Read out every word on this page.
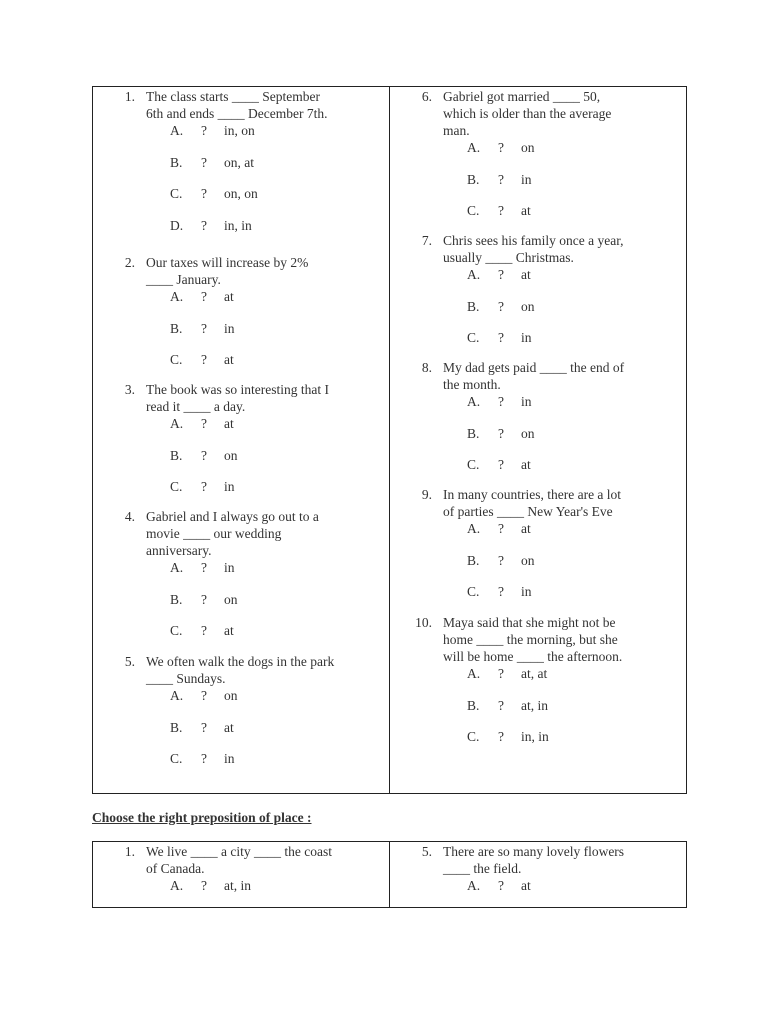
1. The class starts ____ September
6th and ends ____ December 7th.
A. ? in, on
B. ? on, at
C. ? on, on
D. ? in, in
2. Our taxes will increase by 2%
____ January.
A. ? at
B. ? in
C. ? at
3. The book was so interesting that I
read it ____ a day.
A. ? at
B. ? on
C. ? in
4. Gabriel and I always go out to a
movie ____ our wedding
anniversary.
A. ? in
B. ? on
C. ? at
5. We often walk the dogs in the park
____ Sundays.
A. ? on
B. ? at
C. ? in
6. Gabriel got married ____ 50,
which is older than the average
man.
A. ? on
B. ? in
C. ? at
7. Chris sees his family once a year,
usually ____ Christmas.
A. ? at
B. ? on
C. ? in
8. My dad gets paid ____ the end of
the month.
A. ? in
B. ? on
C. ? at
9. In many countries, there are a lot
of parties ____ New Year's Eve
A. ? at
B. ? on
C. ? in
10. Maya said that she might not be
home ____ the morning, but she
will be home ____ the afternoon.
A. ? at, at
B. ? at, in
C. ? in, in
Choose the right preposition of place :
1. We live ____ a city ____ the coast
of Canada.
A. ? at, in
5. There are so many lovely flowers
____ the field.
A. ? at
